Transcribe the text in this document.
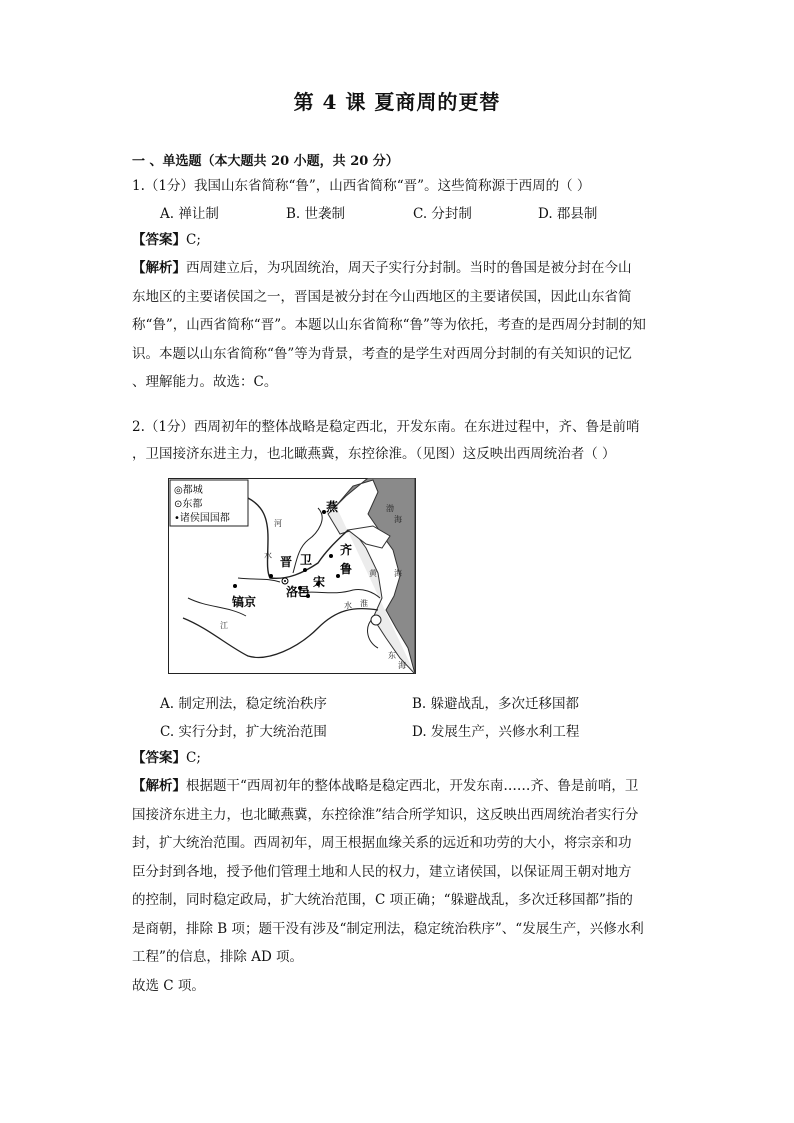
第 4 课 夏商周的更替
一 、单选题（本大题共 20 小题，共 20 分）
1.（1分）我国山东省简称“鲁”，山西省简称“晋”。这些简称源于西周的（ ）
A. 禅让制	B. 世袭制	C. 分封制	D. 郡县制
【答案】C;

【解析】西周建立后，为巩固统治，周天子实行分封制。当时的鲁国是被分封在今山

东地区的主要诸侯国之一，晋国是被分封在今山西地区的主要诸侯国，因此山东省简

称“鲁”，山西省简称“晋”。本题以山东省简称“鲁”等为依托，考查的是西周分封制的知

识。本题以山东省简称“鲁”等为背景，考查的是学生对西周分封制的有关知识的记忆

、理解能力。故选：C。

2.（1分）西周初年的整体战略是稳定西北，开发东南。在东进过程中，齐、鲁是前哨

，卫国接济东进主力，也北瞰燕冀，东控徐淮。（见图）这反映出西周统治者（ ）

◎都城
⊙东都
•诸侯国国都
燕
齐
鲁
卫
晋
宋
洛邑
镐京
渤
海
黄 海
东
海
河
水
江
水 淮
A. 制定刑法，稳定统治秩序	B. 躲避战乱，多次迁移国都
C. 实行分封，扩大统治范围	D. 发展生产，兴修水利工程
【答案】C;

【解析】根据题干“西周初年的整体战略是稳定西北，开发东南……齐、鲁是前哨，卫

国接济东进主力，也北瞰燕冀，东控徐淮”结合所学知识，这反映出西周统治者实行分

封，扩大统治范围。西周初年，周王根据血缘关系的远近和功劳的大小，将宗亲和功

臣分封到各地，授予他们管理土地和人民的权力，建立诸侯国，以保证周王朝对地方

的控制，同时稳定政局，扩大统治范围，C 项正确；“躲避战乱，多次迁移国都”指的

是商朝，排除 B 项；题干没有涉及“制定刑法，稳定统治秩序”、“发展生产，兴修水利

工程”的信息，排除 AD 项。

故选 C 项。
